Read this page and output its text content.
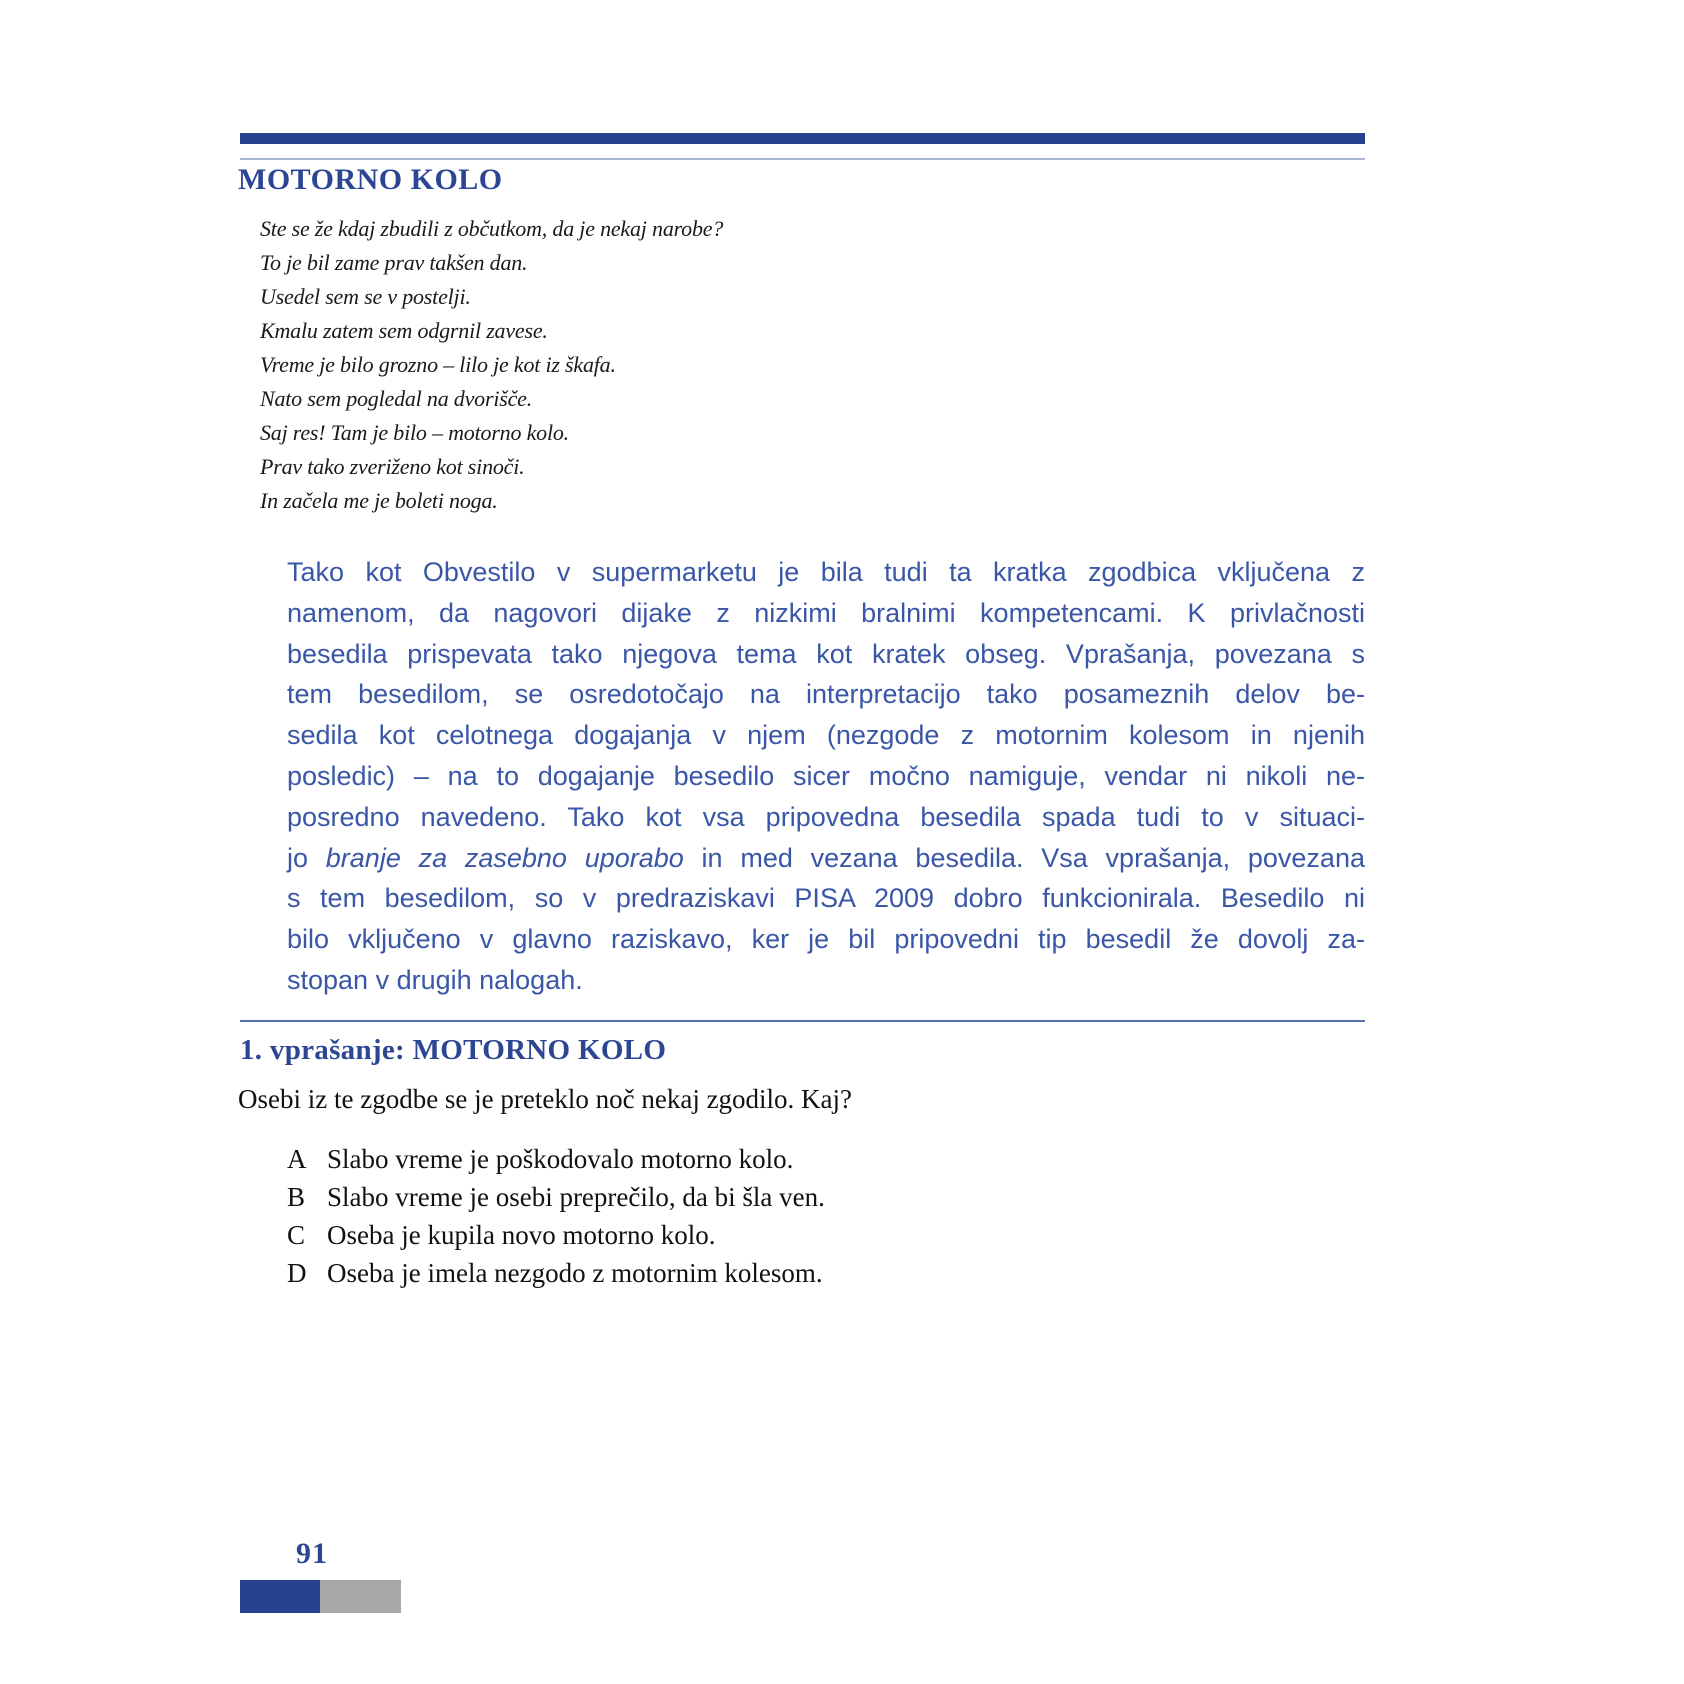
MOTORNO KOLO
Ste se že kdaj zbudili z občutkom, da je nekaj narobe?
To je bil zame prav takšen dan.
Usedel sem se v postelji.
Kmalu zatem sem odgrnil zavese.
Vreme je bilo grozno – lilo je kot iz škafa.
Nato sem pogledal na dvorišče.
Saj res! Tam je bilo – motorno kolo.
Prav tako zveriženo kot sinoči.
In začela me je boleti noga.
Tako kot Obvestilo v supermarketu je bila tudi ta kratka zgodbica vključena z
namenom, da nagovori dijake z nizkimi bralnimi kompetencami. K privlačnosti
besedila prispevata tako njegova tema kot kratek obseg. Vprašanja, povezana s
tem besedilom, se osredotočajo na interpretacijo tako posameznih delov be-
sedila kot celotnega dogajanja v njem (nezgode z motornim kolesom in njenih
posledic) – na to dogajanje besedilo sicer močno namiguje, vendar ni nikoli ne-
posredno navedeno. Tako kot vsa pripovedna besedila spada tudi to v situaci-
jo branje za zasebno uporabo in med vezana besedila. Vsa vprašanja, povezana
s tem besedilom, so v predraziskavi PISA 2009 dobro funkcionirala. Besedilo ni
bilo vključeno v glavno raziskavo, ker je bil pripovedni tip besedil že dovolj za-
stopan v drugih nalogah.
1. vprašanje: MOTORNO KOLO

Osebi iz te zgodbe se je preteklo noč nekaj zgodilo. Kaj?

A Slabo vreme je poškodovalo motorno kolo.
B Slabo vreme je osebi preprečilo, da bi šla ven.
C Oseba je kupila novo motorno kolo.
D Oseba je imela nezgodo z motornim kolesom.
91
